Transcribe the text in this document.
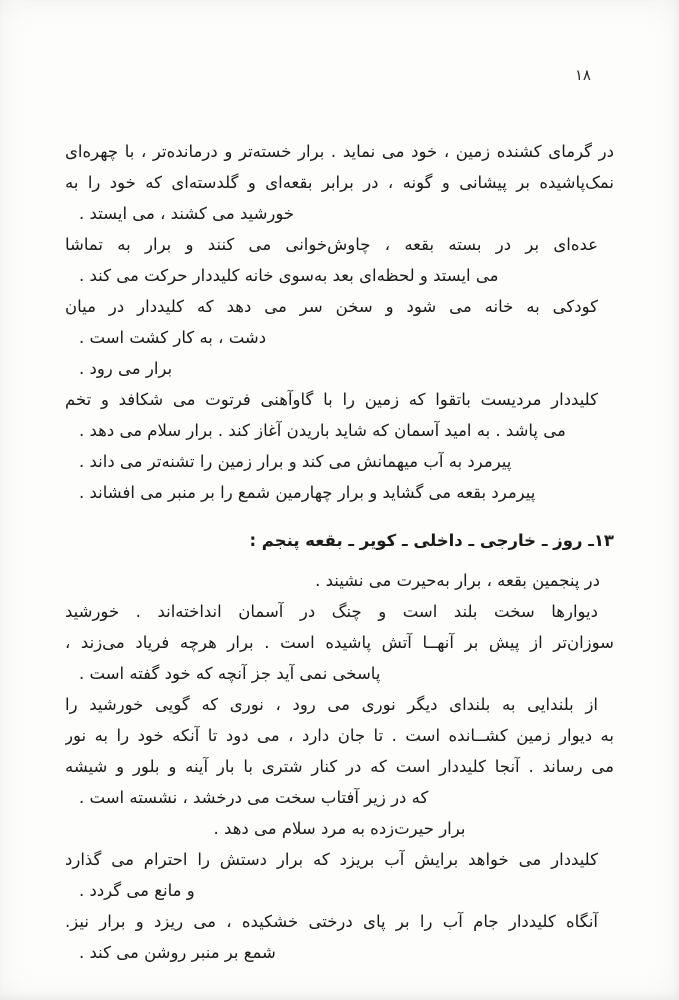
۱۸
در گرمای کشنده زمین ، خود می نماید . برار خسته‌تر و درمانده‌تر ، با چهره‌ای
نمک‌پاشیده بر پیشانی و گونه ، در برابر بقعه‌ای و گلدسته‌ای که خود را به
خورشید می کشند ، می ایستد .
عده‌ای بر در بسته بقعه ، چاوش‌خوانی می کنند و برار به تماشا
می ایستد و لحظه‌ای بعد به‌سوی خانه کلیددار حرکت می کند .
کودکی به خانه می شود و سخن سر می دهد که کلیددار در میان
دشت ، به کار کشت است .
برار می رود .
کلیددار مردیست باتقوا که زمین را با گاوآهنی فرتوت می شکافد و تخم
می پاشد . به امید آسمان که شاید باریدن آغاز کند . برار سلام می دهد .
پیرمرد به آب میهمانش می کند و برار زمین را تشنه‌تر می داند .
پیرمرد بقعه می گشاید و برار چهارمین شمع را بر منبر می افشاند .
۱۳ـ روز ـ خارجی ـ داخلی ـ کویر ـ بقعه پنجم :
در پنجمین بقعه ، برار به‌حیرت می نشیند .
دیوارها سخت بلند است و چنگ در آسمان انداخته‌اند . خورشید
سوزان‌تر از پیش بر آنهــا آتش پاشیده است . برار هرچه فریاد می‌زند ،
پاسخی نمی آید جز آنچه که خود گفته است .
از بلندایی به بلندای دیگر نوری می رود ، نوری که گویی خورشید را
به دیوار زمین کشــانده است . تا جان دارد ، می دود تا آنکه خود را به نور
می رساند . آنجا کلیددار است که در کنار شتری با بار آینه و بلور و شیشه
که در زیر آفتاب سخت می درخشد ، نشسته است .
برار حیرت‌زده به مرد سلام می دهد .
کلیددار می خواهد برایش آب بریزد که برار دستش را احترام می گذارد
و مانع می گردد .
آنگاه کلیددار جام آب را بر پای درختی خشکیده ، می ریزد و برار نیز.
شمع بر منبر روشن می کند .
